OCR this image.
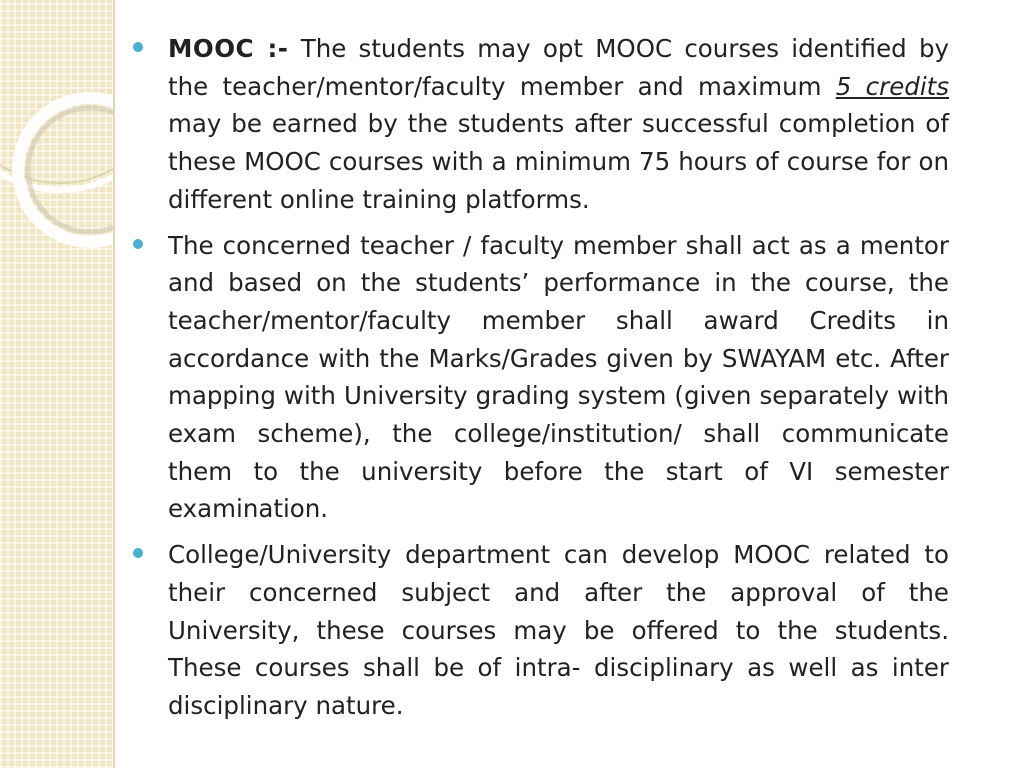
MOOC :- The students may opt MOOC courses identified by the teacher/mentor/faculty member and maximum 5 credits may be earned by the students after successful completion of these MOOC courses with a minimum 75 hours of course for on different online training platforms.
The concerned teacher / faculty member shall act as a mentor and based on the students’ performance in the course, the teacher/mentor/faculty member shall award Credits in accordance with the Marks/Grades given by SWAYAM etc. After mapping with University grading system (given separately with exam scheme), the college/institution/ shall communicate them to the university before the start of VI semester examination.
College/University department can develop MOOC related to their concerned subject and after the approval of the University, these courses may be offered to the students. These courses shall be of intra- disciplinary as well as inter disciplinary nature.
